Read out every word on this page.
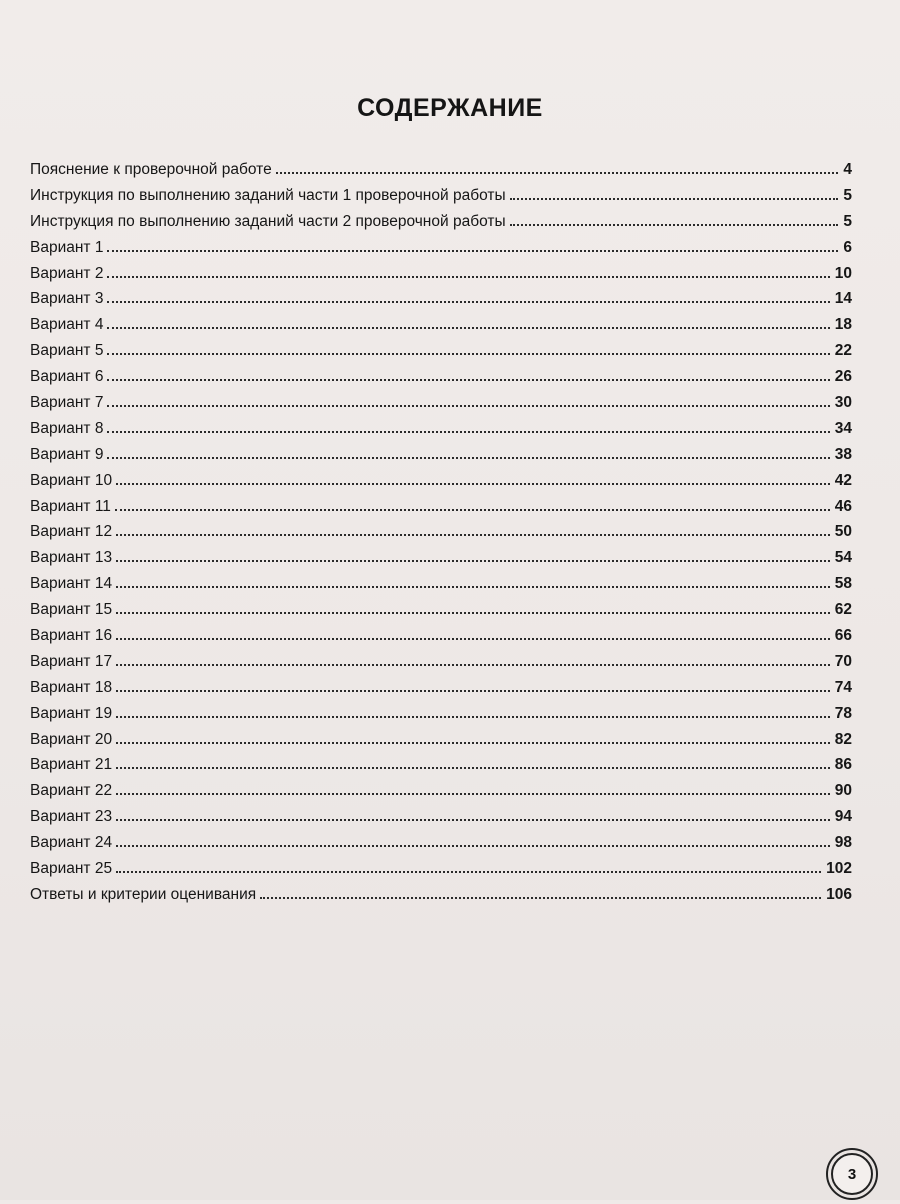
СОДЕРЖАНИЕ
Пояснение к проверочной работе	4
Инструкция по выполнению заданий части 1 проверочной работы	5
Инструкция по выполнению заданий части 2 проверочной работы	5
Вариант 1	6
Вариант 2	10
Вариант 3	14
Вариант 4	18
Вариант 5	22
Вариант 6	26
Вариант 7	30
Вариант 8	34
Вариант 9	38
Вариант 10	42
Вариант 11	46
Вариант 12	50
Вариант 13	54
Вариант 14	58
Вариант 15	62
Вариант 16	66
Вариант 17	70
Вариант 18	74
Вариант 19	78
Вариант 20	82
Вариант 21	86
Вариант 22	90
Вариант 23	94
Вариант 24	98
Вариант 25	102
Ответы и критерии оценивания	106
3
